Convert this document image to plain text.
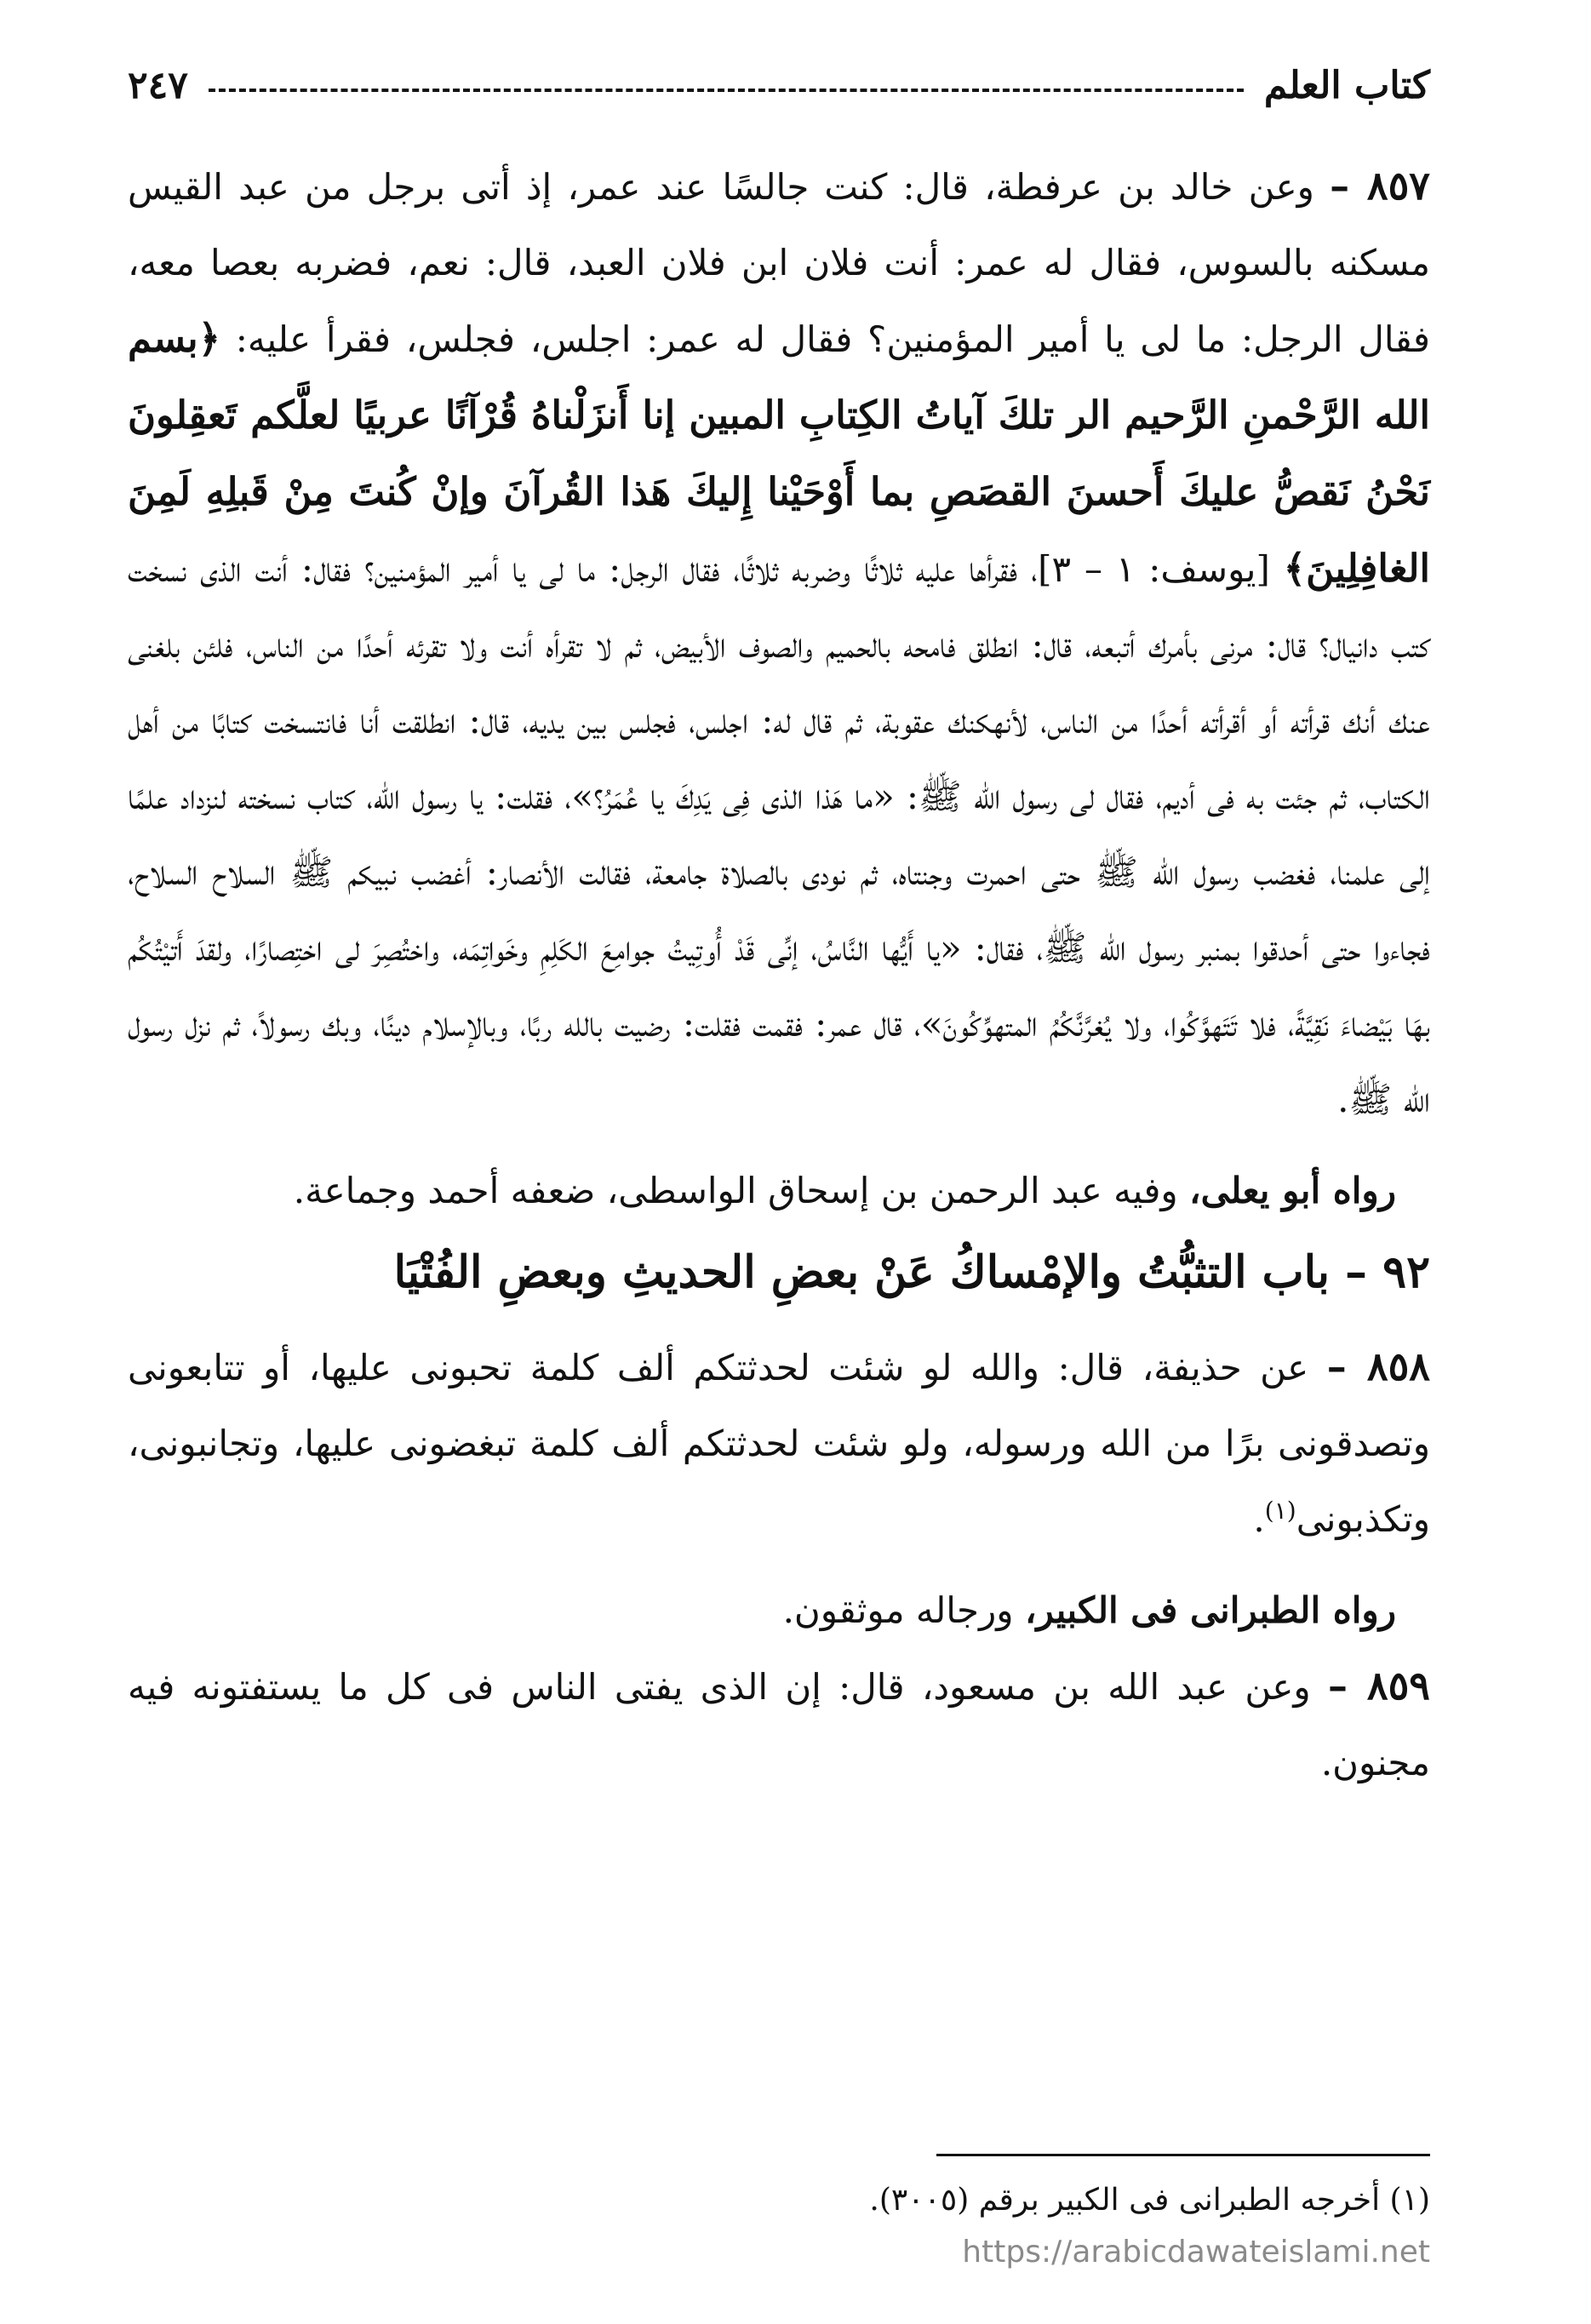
كتاب العلم
٢٤٧

٨٥٧ – وعن خالد بن عرفطة، قال: كنت جالسًا عند عمر، إذ أتى برجل من عبد القيس مسكنه بالسوس، فقال له عمر: أنت فلان ابن فلان العبد، قال: نعم، فضربه بعصا معه، فقال الرجل: ما لى يا أمير المؤمنين؟ فقال له عمر: اجلس، فجلس، فقرأ عليه: ﴿بسم الله الرَّحْمنِ الرَّحيم الر تلكَ آياتُ الكِتابِ المبين إنا أَنزَلْناهُ قُرْآنًا عربيًا لعلَّكم تَعقِلونَ نَحْنُ نَقصُّ عليكَ أَحسنَ القصَصِ بما أَوْحَيْنا إِليكَ هَذا القُرآنَ وإنْ كُنتَ مِنْ قَبلِهِ لَمِنَ الغافِلِينَ﴾ [يوسف: ١ – ٣]، فقرأها عليه ثلاثًا وضربه ثلاثًا، فقال الرجل: ما لى يا أمير المؤمنين؟ فقال: أنت الذى نسخت كتب دانيال؟ قال: مرنى بأمرك أتبعه، قال: انطلق فامحه بالحميم والصوف الأبيض، ثم لا تقرأه أنت ولا تقرئه أحدًا من الناس، فلئن بلغنى عنك أنك قرأته أو أقرأته أحدًا من الناس، لأنهكنك عقوبة، ثم قال له: اجلس، فجلس بين يديه، قال: انطلقت أنا فانتسخت كتابًا من أهل الكتاب، ثم جئت به فى أديم، فقال لى رسول الله ﷺ: «ما هَذا الذى فِى يَدِكَ يا عُمَرُ؟»، فقلت: يا رسول الله، كتاب نسخته لنزداد علمًا إلى علمنا، فغضب رسول الله ﷺ حتى احمرت وجنتاه، ثم نودى بالصلاة جامعة، فقالت الأنصار: أغضب نبيكم ﷺ السلاح السلاح، فجاءوا حتى أحدقوا بمنبر رسول الله ﷺ، فقال: «يا أَيُّها النَّاسُ، إنِّى قَدْ أُوتِيتُ جوامِعَ الكَلِمِ وخَواتِمَه، واختُصِرَ لى اختِصارًا، ولقدَ أَتيْتُكُم بهَا بَيْضاءَ نَقِيَّةً، فلا تَتَهوَّكُوا، ولا يُغرَّنَّكُمُ المتهوِّكُونَ»، قال عمر: فقمت فقلت: رضيت بالله ربًا، وبالإسلام دينًا، وبك رسولاً، ثم نزل رسول الله ﷺ.

رواه أبو يعلى، وفيه عبد الرحمن بن إسحاق الواسطى، ضعفه أحمد وجماعة.

٩٢ – باب التثبُّتُ والإمْساكُ عَنْ بعضِ الحديثِ وبعضِ الفُتْيَا

٨٥٨ – عن حذيفة، قال: والله لو شئت لحدثتكم ألف كلمة تحبونى عليها، أو تتابعونى وتصدقونى برًا من الله ورسوله، ولو شئت لحدثتكم ألف كلمة تبغضونى عليها، وتجانبونى، وتكذبونى$^{(١)}$.

رواه الطبرانى فى الكبير، ورجاله موثقون.

٨٥٩ – وعن عبد الله بن مسعود، قال: إن الذى يفتى الناس فى كل ما يستفتونه فيه مجنون.

(١) أخرجه الطبرانى فى الكبير برقم (٣٠٠٥).
https://arabicdawateislami.net
